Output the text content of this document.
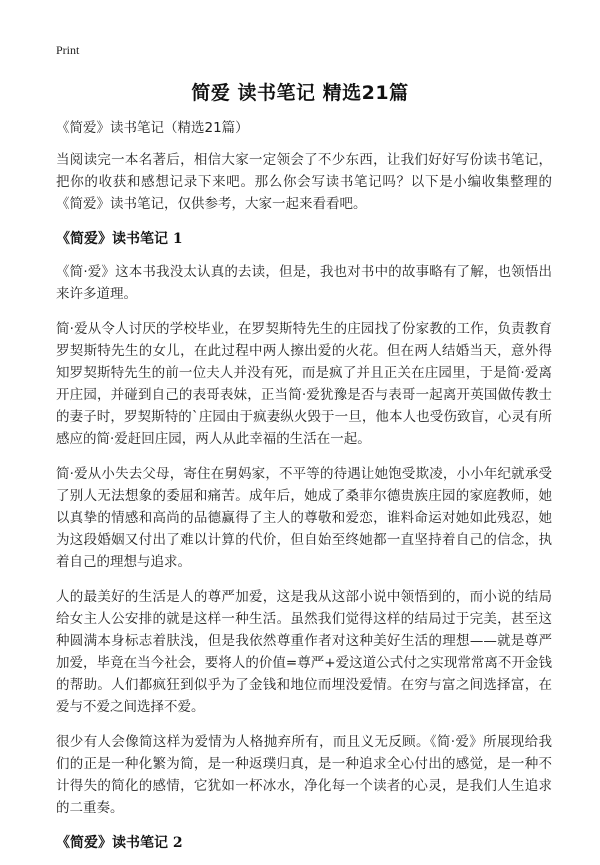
Print
简爱 读书笔记 精选21篇

《简爱》读书笔记（精选21篇）

当阅读完一本名著后，相信大家一定领会了不少东西，让我们好好写份读书笔记，把你的收获和感想记录下来吧。那么你会写读书笔记吗？以下是小编收集整理的《简爱》读书笔记，仅供参考，大家一起来看看吧。

《简爱》读书笔记 1

《简·爱》这本书我没太认真的去读，但是，我也对书中的故事略有了解，也领悟出来许多道理。

简·爱从令人讨厌的学校毕业，在罗契斯特先生的庄园找了份家教的工作，负责教育罗契斯特先生的女儿，在此过程中两人擦出爱的火花。但在两人结婚当天，意外得知罗契斯特先生的前一位夫人并没有死，而是疯了并且正关在庄园里，于是简·爱离开庄园，并碰到自己的表哥表妹，正当简·爱犹豫是否与表哥一起离开英国做传教士的妻子时，罗契斯特的`庄园由于疯妻纵火毁于一旦，他本人也受伤致盲，心灵有所感应的简·爱赶回庄园，两人从此幸福的生活在一起。

简·爱从小失去父母，寄住在舅妈家，不平等的待遇让她饱受欺凌，小小年纪就承受了别人无法想象的委屈和痛苦。成年后，她成了桑菲尔德贵族庄园的家庭教师，她以真挚的情感和高尚的品德赢得了主人的尊敬和爱恋，谁料命运对她如此残忍，她为这段婚姻又付出了难以计算的代价，但自始至终她都一直坚持着自己的信念，执着自己的理想与追求。

人的最美好的生活是人的尊严加爱，这是我从这部小说中领悟到的，而小说的结局给女主人公安排的就是这样一种生活。虽然我们觉得这样的结局过于完美，甚至这种圆满本身标志着肤浅，但是我依然尊重作者对这种美好生活的理想——就是尊严加爱，毕竟在当今社会，要将人的价值=尊严+爱这道公式付之实现常常离不开金钱的帮助。人们都疯狂到似乎为了金钱和地位而埋没爱情。在穷与富之间选择富，在爱与不爱之间选择不爱。

很少有人会像简这样为爱情为人格抛弃所有，而且义无反顾。《简·爱》所展现给我们的正是一种化繁为简，是一种返璞归真，是一种追求全心付出的感觉，是一种不计得失的简化的感情，它犹如一杯冰水，净化每一个读者的心灵，是我们人生追求的二重奏。

《简爱》读书笔记 2
